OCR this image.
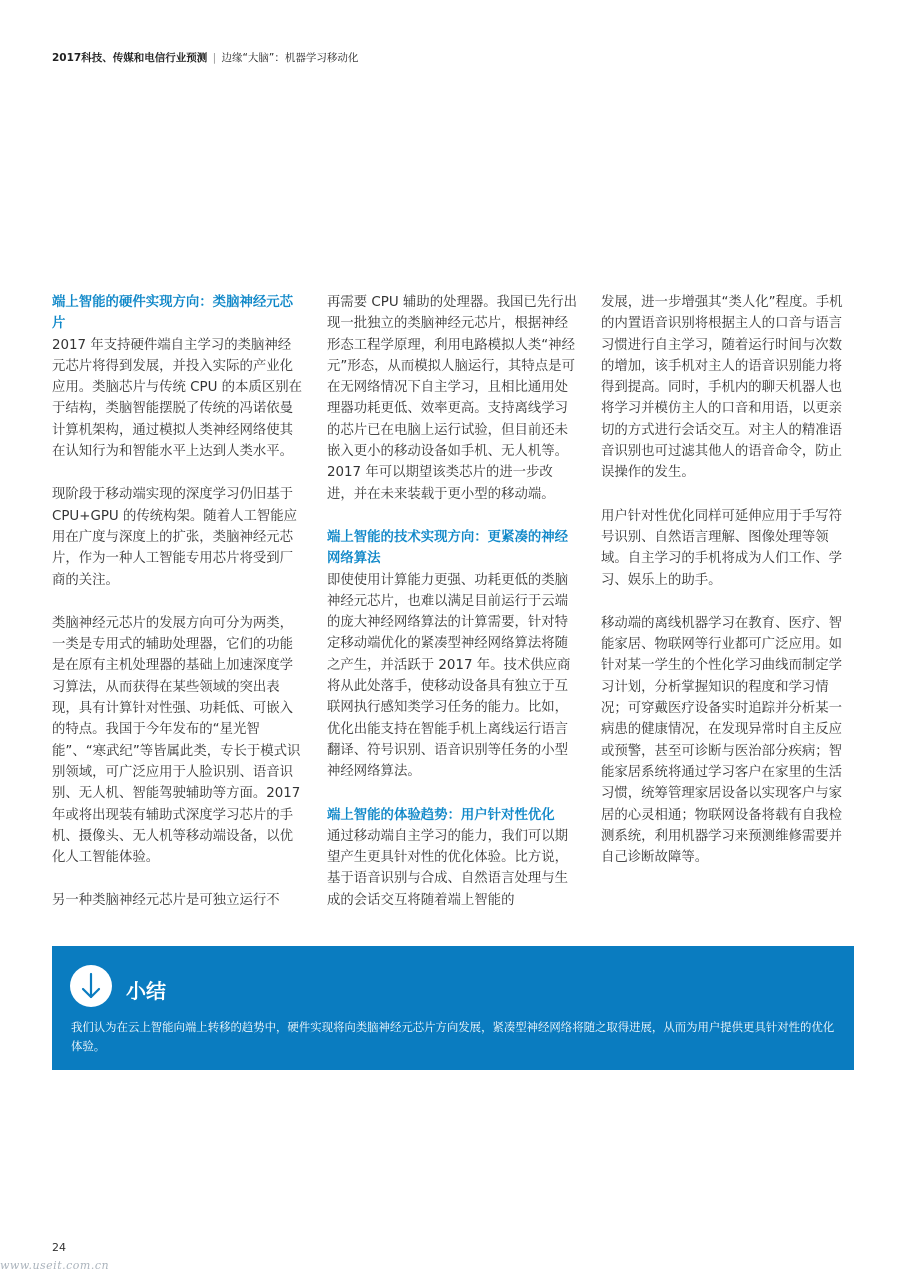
2017科技、传媒和电信行业预测 | 边缘“大脑”：机器学习移动化
端上智能的硬件实现方向：类脑神经元芯片

2017 年支持硬件端自主学习的类脑神经元芯片将得到发展，并投入实际的产业化应用。类脑芯片与传统 CPU 的本质区别在于结构，类脑智能摆脱了传统的冯诺依曼计算机架构，通过模拟人类神经网络使其在认知行为和智能水平上达到人类水平。

现阶段于移动端实现的深度学习仍旧基于 CPU+GPU 的传统构架。随着人工智能应用在广度与深度上的扩张，类脑神经元芯片，作为一种人工智能专用芯片将受到厂商的关注。

类脑神经元芯片的发展方向可分为两类，一类是专用式的辅助处理器，它们的功能是在原有主机处理器的基础上加速深度学习算法，从而获得在某些领域的突出表现，具有计算针对性强、功耗低、可嵌入的特点。我国于今年发布的“星光智能”、“寒武纪”等皆属此类，专长于模式识别领域，可广泛应用于人脸识别、语音识别、无人机、智能驾驶辅助等方面。2017 年或将出现装有辅助式深度学习芯片的手机、摄像头、无人机等移动端设备，以优化人工智能体验。

另一种类脑神经元芯片是可独立运行不

再需要 CPU 辅助的处理器。我国已先行出现一批独立的类脑神经元芯片，根据神经形态工程学原理，利用电路模拟人类“神经元”形态，从而模拟人脑运行，其特点是可在无网络情况下自主学习，且相比通用处理器功耗更低、效率更高。支持离线学习的芯片已在电脑上运行试验，但目前还未嵌入更小的移动设备如手机、无人机等。2017 年可以期望该类芯片的进一步改进，并在未来装载于更小型的移动端。

端上智能的技术实现方向：更紧凑的神经网络算法

即使使用计算能力更强、功耗更低的类脑神经元芯片，也难以满足目前运行于云端的庞大神经网络算法的计算需要，针对特定移动端优化的紧凑型神经网络算法将随之产生，并活跃于 2017 年。技术供应商将从此处落手，使移动设备具有独立于互联网执行感知类学习任务的能力。比如，优化出能支持在智能手机上离线运行语言翻译、符号识别、语音识别等任务的小型神经网络算法。

端上智能的体验趋势：用户针对性优化

通过移动端自主学习的能力，我们可以期望产生更具针对性的优化体验。比方说，基于语音识别与合成、自然语言处理与生成的会话交互将随着端上智能的

发展，进一步增强其“类人化”程度。手机的内置语音识别将根据主人的口音与语言习惯进行自主学习，随着运行时间与次数的增加，该手机对主人的语音识别能力将得到提高。同时，手机内的聊天机器人也将学习并模仿主人的口音和用语，以更亲切的方式进行会话交互。对主人的精准语音识别也可过滤其他人的语音命令，防止误操作的发生。

用户针对性优化同样可延伸应用于手写符号识别、自然语言理解、图像处理等领域。自主学习的手机将成为人们工作、学习、娱乐上的助手。

移动端的离线机器学习在教育、医疗、智能家居、物联网等行业都可广泛应用。如针对某一学生的个性化学习曲线而制定学习计划，分析掌握知识的程度和学习情况；可穿戴医疗设备实时追踪并分析某一病患的健康情况，在发现异常时自主反应或预警，甚至可诊断与医治部分疾病；智能家居系统将通过学习客户在家里的生活习惯，统筹管理家居设备以实现客户与家居的心灵相通；物联网设备将载有自我检测系统，利用机器学习来预测维修需要并自己诊断故障等。

小结
我们认为在云上智能向端上转移的趋势中，硬件实现将向类脑神经元芯片方向发展，紧凑型神经网络将随之取得进展，从而为用户提供更具针对性的优化体验。
24
www.useit.com.cn
